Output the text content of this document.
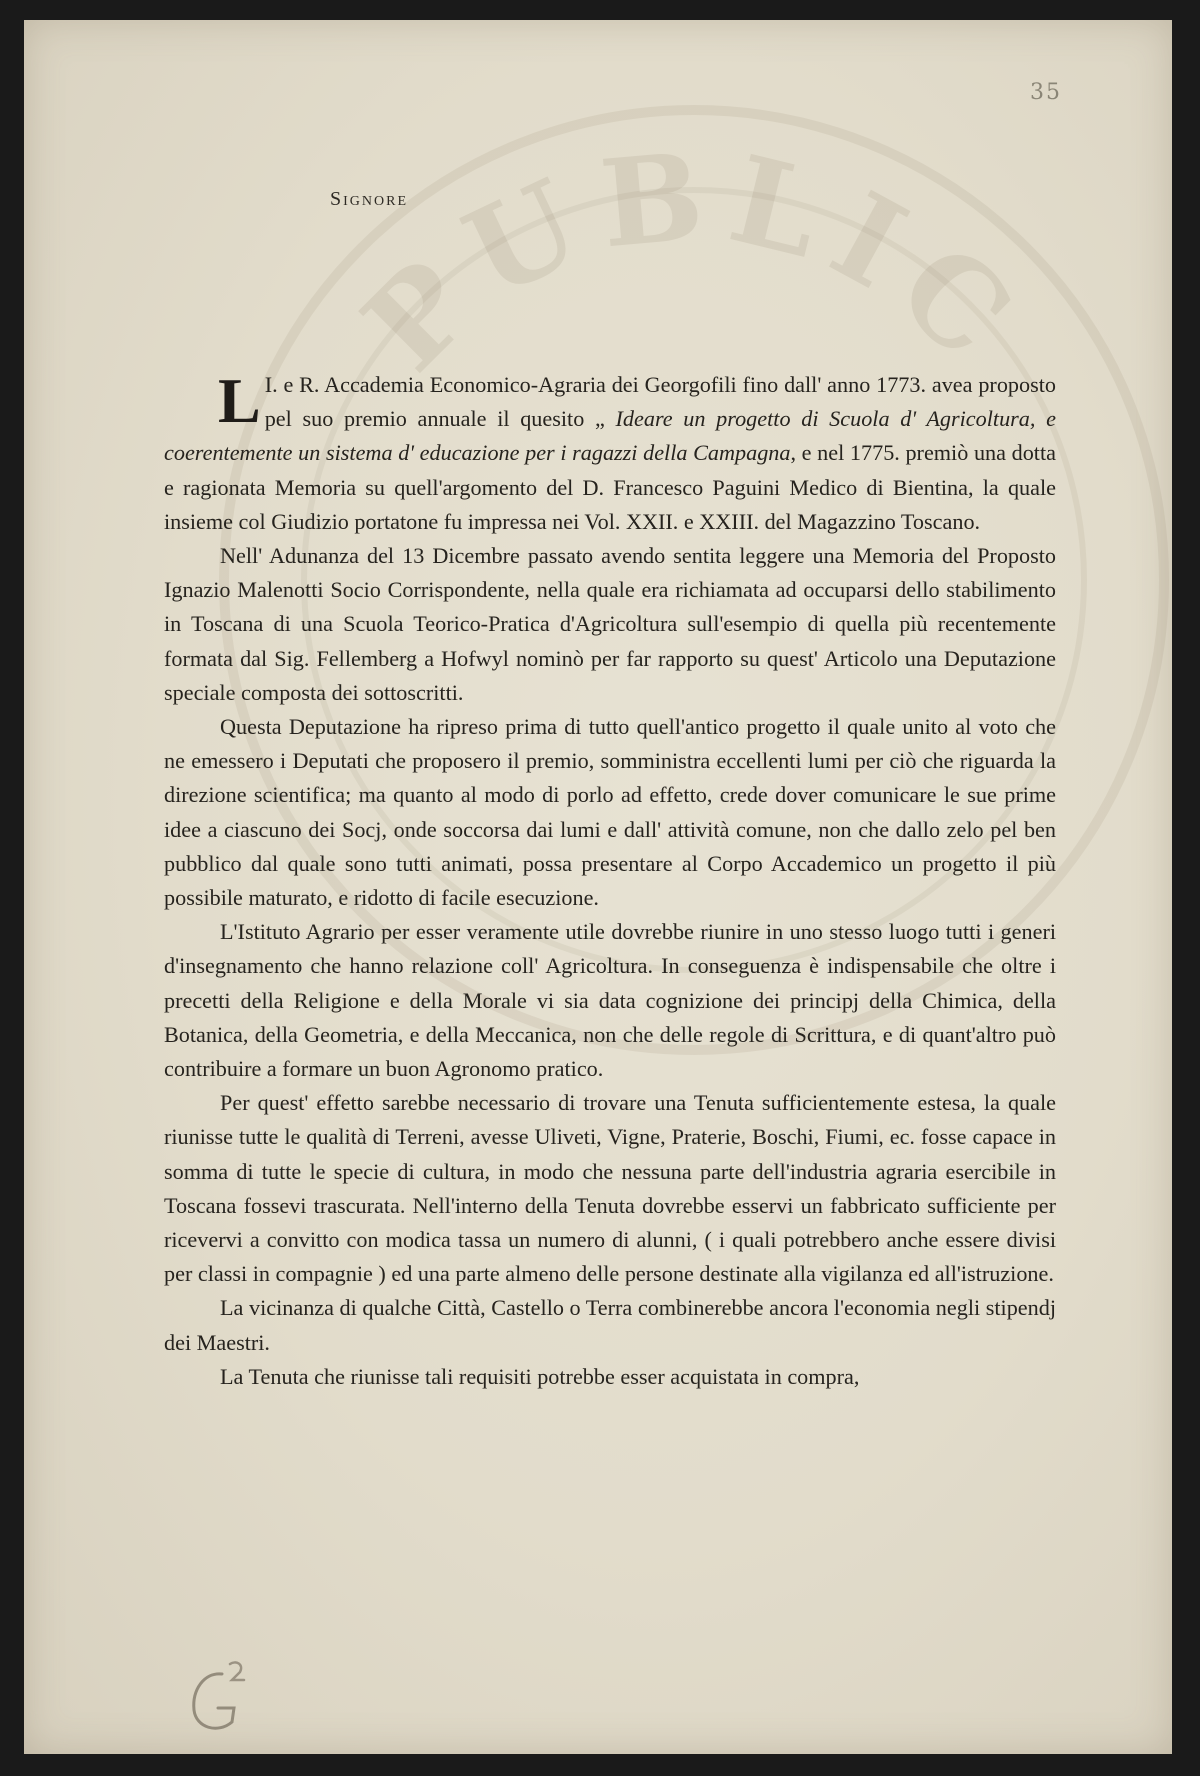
PUBLIC
35
Signore

L I. e R. Accademia Economico-Agraria dei Georgofili fino dall' anno 1773. avea proposto pel suo premio annuale il quesito „ Ideare un progetto di Scuola d' Agricoltura, e coerentemente un sistema d' educazione per i ragazzi della Campagna, e nel 1775. premiò una dotta e ragionata Memoria su quell'argomento del D. Francesco Paguini Medico di Bientina, la quale insieme col Giudizio portatone fu impressa nei Vol. XXII. e XXIII. del Magazzino Toscano.

Nell' Adunanza del 13 Dicembre passato avendo sentita leggere una Memoria del Proposto Ignazio Malenotti Socio Corrispondente, nella quale era richiamata ad occuparsi dello stabilimento in Toscana di una Scuola Teorico-Pratica d'Agricoltura sull'esempio di quella più recentemente formata dal Sig. Fellemberg a Hofwyl nominò per far rapporto su quest' Articolo una Deputazione speciale composta dei sottoscritti.

Questa Deputazione ha ripreso prima di tutto quell'antico progetto il quale unito al voto che ne emessero i Deputati che proposero il premio, somministra eccellenti lumi per ciò che riguarda la direzione scientifica; ma quanto al modo di porlo ad effetto, crede dover comunicare le sue prime idee a ciascuno dei Socj, onde soccorsa dai lumi e dall' attività comune, non che dallo zelo pel ben pubblico dal quale sono tutti animati, possa presentare al Corpo Accademico un progetto il più possibile maturato, e ridotto di facile esecuzione.

L'Istituto Agrario per esser veramente utile dovrebbe riunire in uno stesso luogo tutti i generi d'insegnamento che hanno relazione coll' Agricoltura. In conseguenza è indispensabile che oltre i precetti della Religione e della Morale vi sia data cognizione dei principj della Chimica, della Botanica, della Geometria, e della Meccanica, non che delle regole di Scrittura, e di quant'altro può contribuire a formare un buon Agronomo pratico.

Per quest' effetto sarebbe necessario di trovare una Tenuta sufficientemente estesa, la quale riunisse tutte le qualità di Terreni, avesse Uliveti, Vigne, Praterie, Boschi, Fiumi, ec. fosse capace in somma di tutte le specie di cultura, in modo che nessuna parte dell'industria agraria esercibile in Toscana fossevi trascurata. Nell'interno della Tenuta dovrebbe esservi un fabbricato sufficiente per ricevervi a convitto con modica tassa un numero di alunni, ( i quali potrebbero anche essere divisi per classi in compagnie ) ed una parte almeno delle persone destinate alla vigilanza ed all'istruzione.

La vicinanza di qualche Città, Castello o Terra combinerebbe ancora l'economia negli stipendj dei Maestri.

La Tenuta che riunisse tali requisiti potrebbe esser acquistata in compra,
